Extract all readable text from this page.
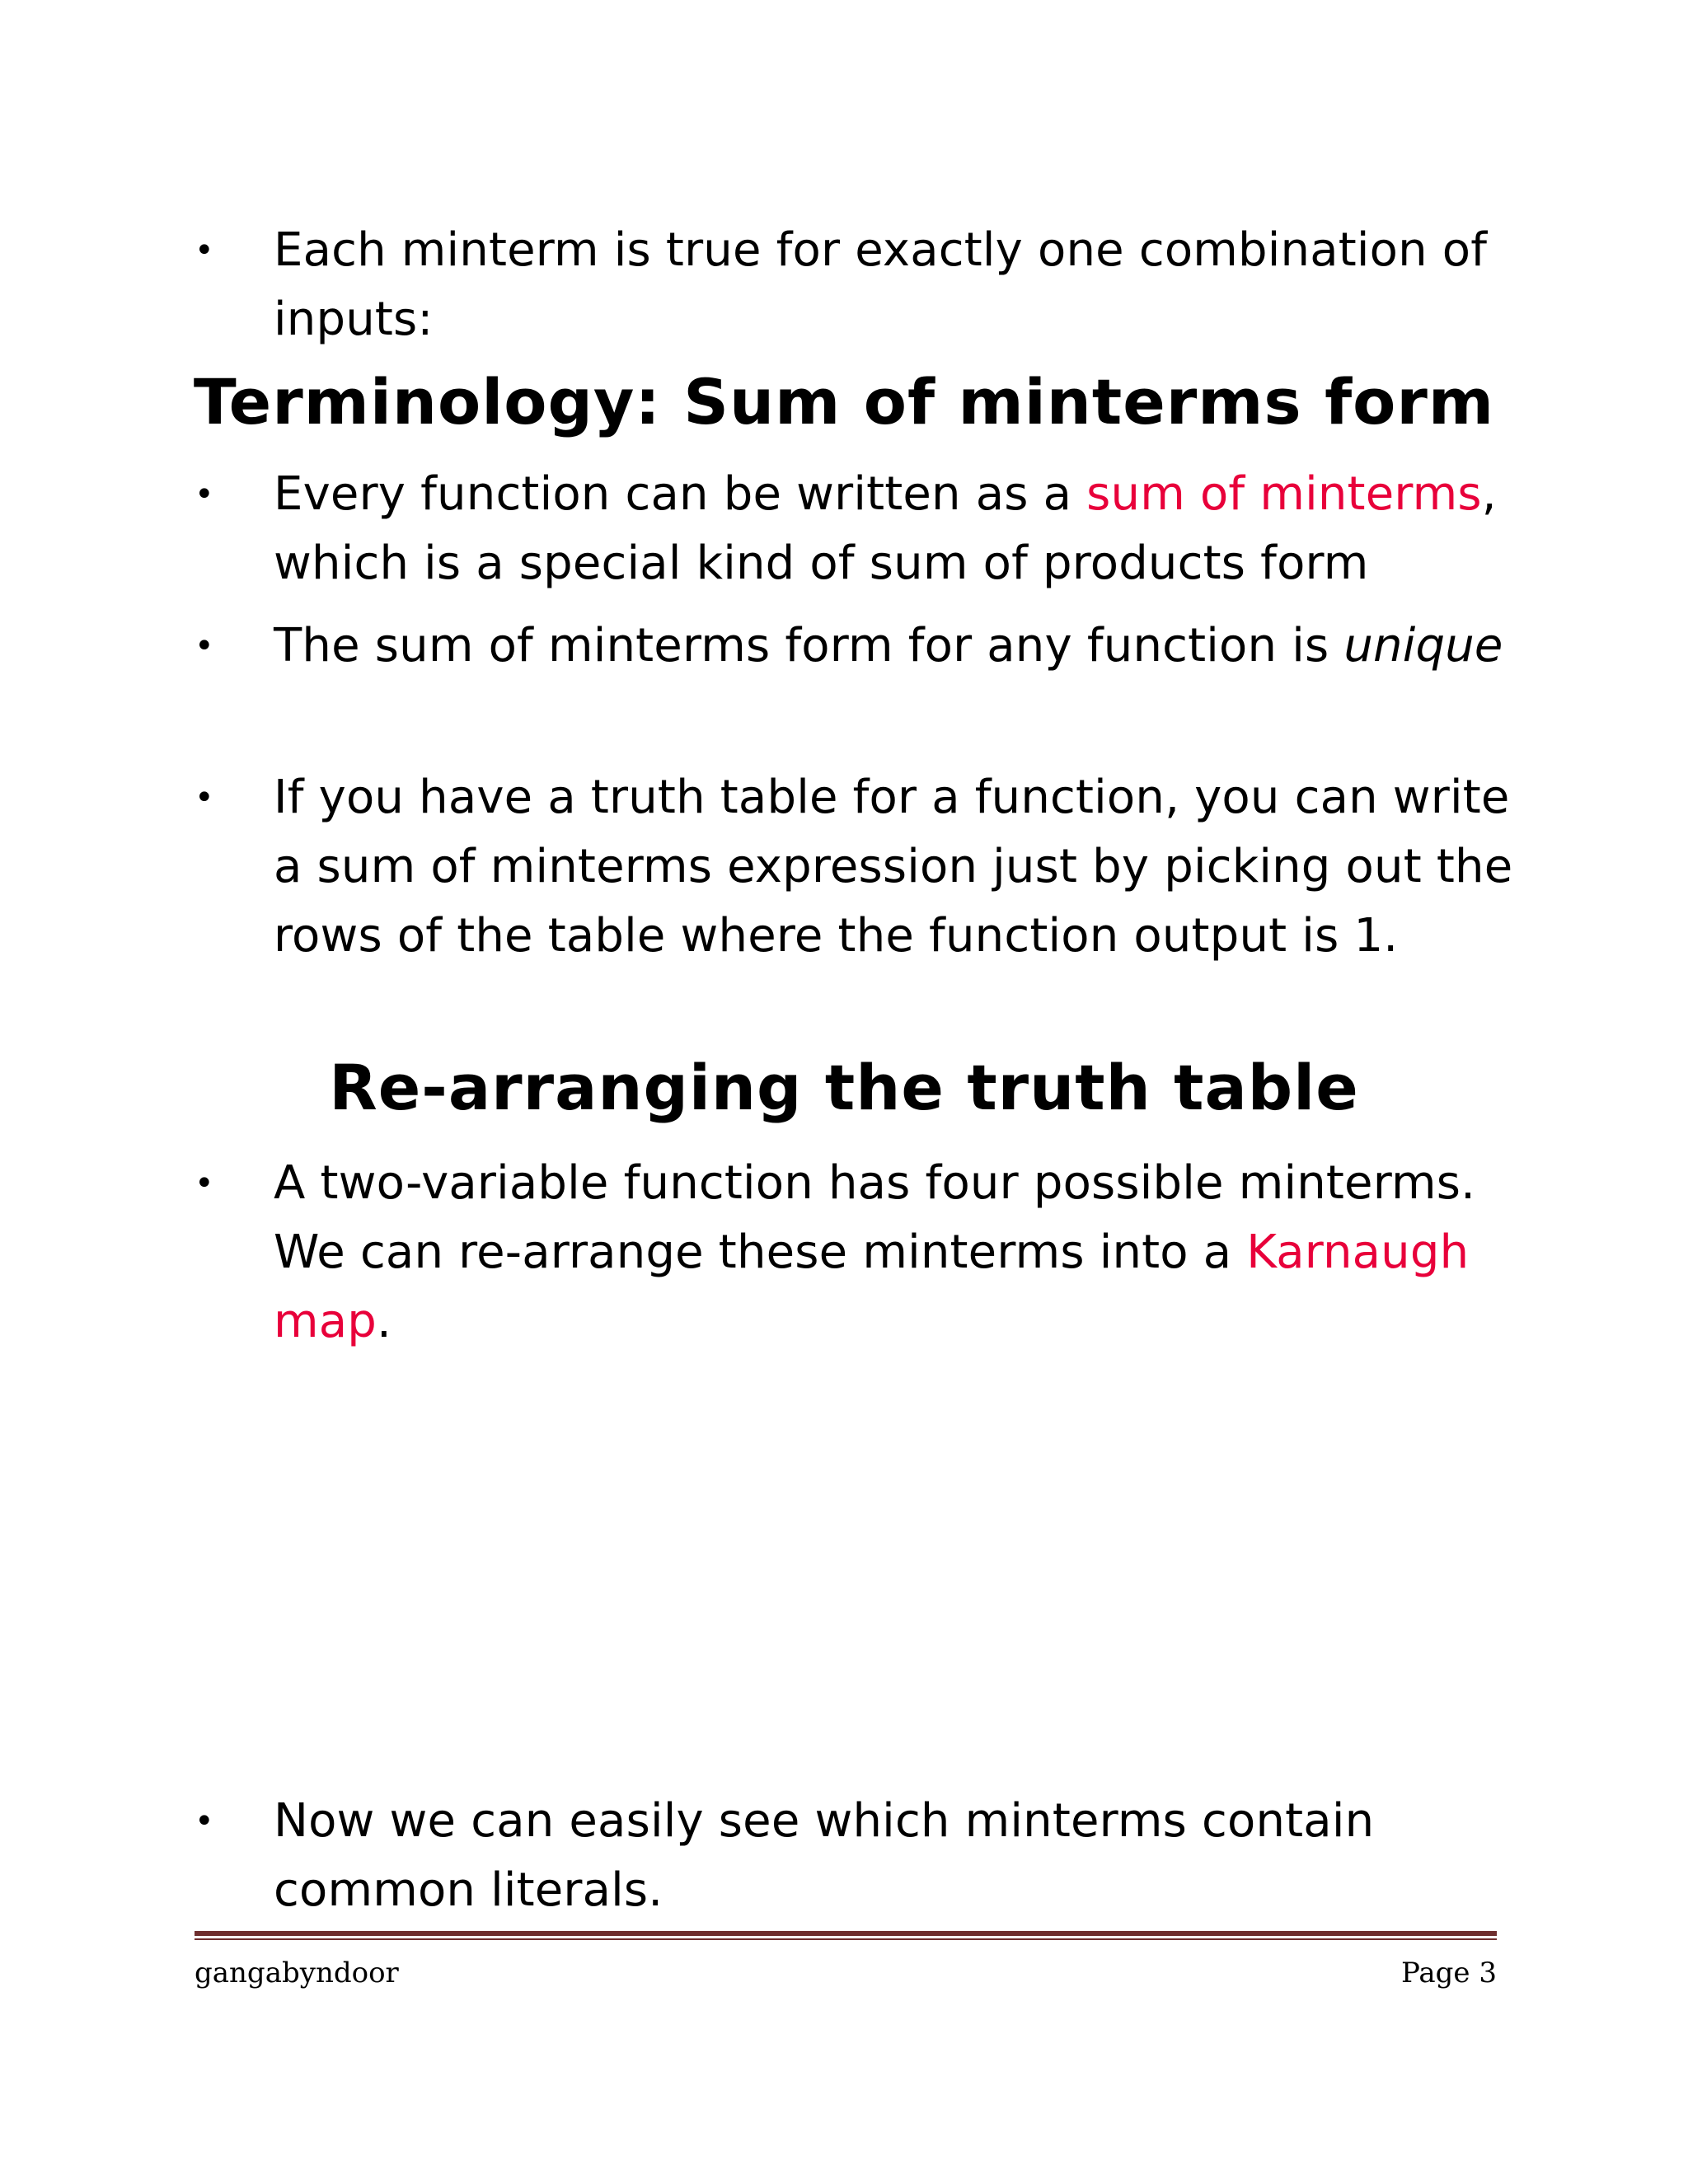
• Each minterm is true for exactly one combination of inputs:
Terminology: Sum of minterms form
• Every function can be written as a sum of minterms, which is a special kind of sum of products form
• The sum of minterms form for any function is unique
• If you have a truth table for a function, you can write a sum of minterms expression just by picking out the rows of the table where the function output is 1.
Re-arranging the truth table
• A two-variable function has four possible minterms. We can re-arrange these minterms into a Karnaugh map.
• Now we can easily see which minterms contain common literals.
gangabyndoor	Page 3
